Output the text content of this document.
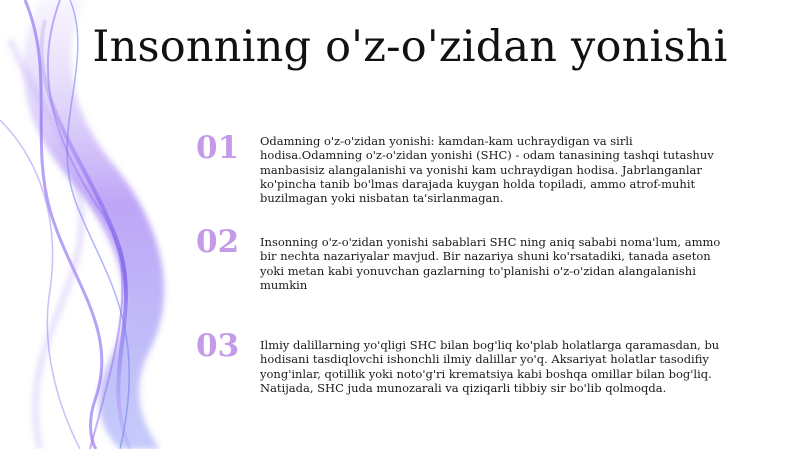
Insonning o'z-o'zidan yonishi
01	Odamning o'z-o'zidan yonishi: kamdan-kam uchraydigan va sirli hodisa.Odamning o'z-o'zidan yonishi (SHC) - odam tanasining tashqi tutashuv manbasisiz alangalanishi va yonishi kam uchraydigan hodisa. Jabrlanganlar ko'pincha tanib bo'lmas darajada kuygan holda topiladi, ammo atrof-muhit buzilmagan yoki nisbatan ta'sirlanmagan.
02	Insonning o'z-o'zidan yonishi sabablari SHC ning aniq sababi noma'lum, ammo bir nechta nazariyalar mavjud. Bir nazariya shuni ko'rsatadiki, tanada aseton yoki metan kabi yonuvchan gazlarning to'planishi o'z-o'zidan alangalanishi mumkin
03	Ilmiy dalillarning yo'qligi SHC bilan bog'liq ko'plab holatlarga qaramasdan, bu hodisani tasdiqlovchi ishonchli ilmiy dalillar yo'q. Aksariyat holatlar tasodifiy yong'inlar, qotillik yoki noto'g'ri krematsiya kabi boshqa omillar bilan bog'liq. Natijada, SHC juda munozarali va qiziqarli tibbiy sir bo'lib qolmoqda.
